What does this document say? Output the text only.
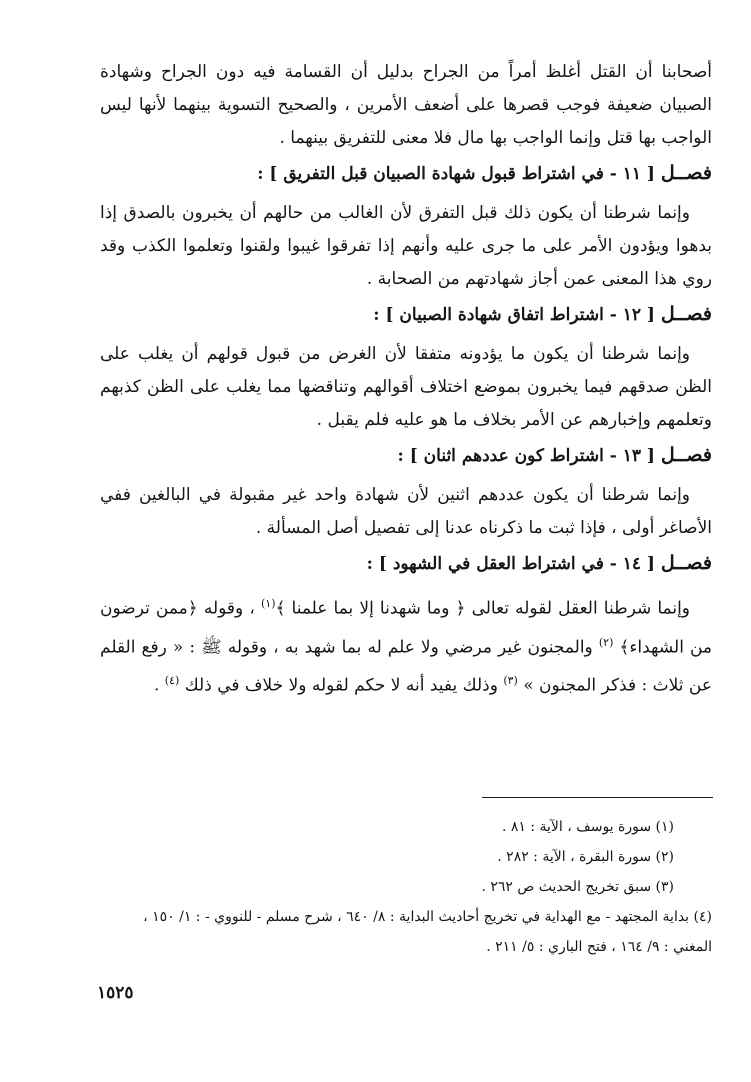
أصحابنا أن القتل أغلظ أمراً من الجراح بدليل أن القسامة فيه دون الجراح وشهادة الصبيان ضعيفة فوجب قصرها على أضعف الأمرين ، والصحيح التسوية بينهما لأنها ليس الواجب بها قتل وإنما الواجب بها مال فلا معنى للتفريق بينهما .

فصــل [ ١١ - في اشتراط قبول شهادة الصبيان قبل التفريق ] :

وإنما شرطنا أن يكون ذلك قبل التفرق لأن الغالب من حالهم أن يخبرون بالصدق إذا بدهوا ويؤدون الأمر على ما جرى عليه وأنهم إذا تفرقوا غيبوا ولقنوا وتعلموا الكذب وقد روي هذا المعنى عمن أجاز شهادتهم من الصحابة .

فصــل [ ١٢ - اشتراط اتفاق شهادة الصبيان ] :

وإنما شرطنا أن يكون ما يؤدونه متفقا لأن الغرض من قبول قولهم أن يغلب على الظن صدقهم فيما يخبرون بموضع اختلاف أقوالهم وتناقضها مما يغلب على الظن كذبهم وتعلمهم وإخبارهم عن الأمر بخلاف ما هو عليه فلم يقبل .

فصــل [ ١٣ - اشتراط كون عددهم اثنان ] :

وإنما شرطنا أن يكون عددهم اثنين لأن شهادة واحد غير مقبولة في البالغين ففي الأصاغر أولى ، فإذا ثبت ما ذكرناه عدنا إلى تفصيل أصل المسألة .

فصــل [ ١٤ - في اشتراط العقل في الشهود ] :

وإنما شرطنا العقل لقوله تعالى ﴿ وما شهدنا إلا بما علمنا ﴾$^{(١)}$ ، وقوله ﴿ممن ترضون من الشهداء﴾ $^{(٢)}$ والمجنون غير مرضي ولا علم له بما شهد به ، وقوله ﷺ : « رفع القلم عن ثلاث : فذكر المجنون » $^{(٣)}$ وذلك يفيد أنه لا حكم لقوله ولا خلاف في ذلك $^{(٤)}$ .

(١) سورة يوسف ، الآية : ٨١ .

(٢) سورة البقرة ، الآية : ٢٨٢ .

(٣) سبق تخريج الحديث ص ٢٦٢ .

(٤) بداية المجتهد - مع الهداية في تخريج أحاديث البداية : ٨/ ٦٤٠ ، شرح مسلم - للنووي - : ١/ ١٥٠ ، المغني : ٩/ ١٦٤ ، فتح الباري : ٥/ ٢١١ .

١٥٢٥
